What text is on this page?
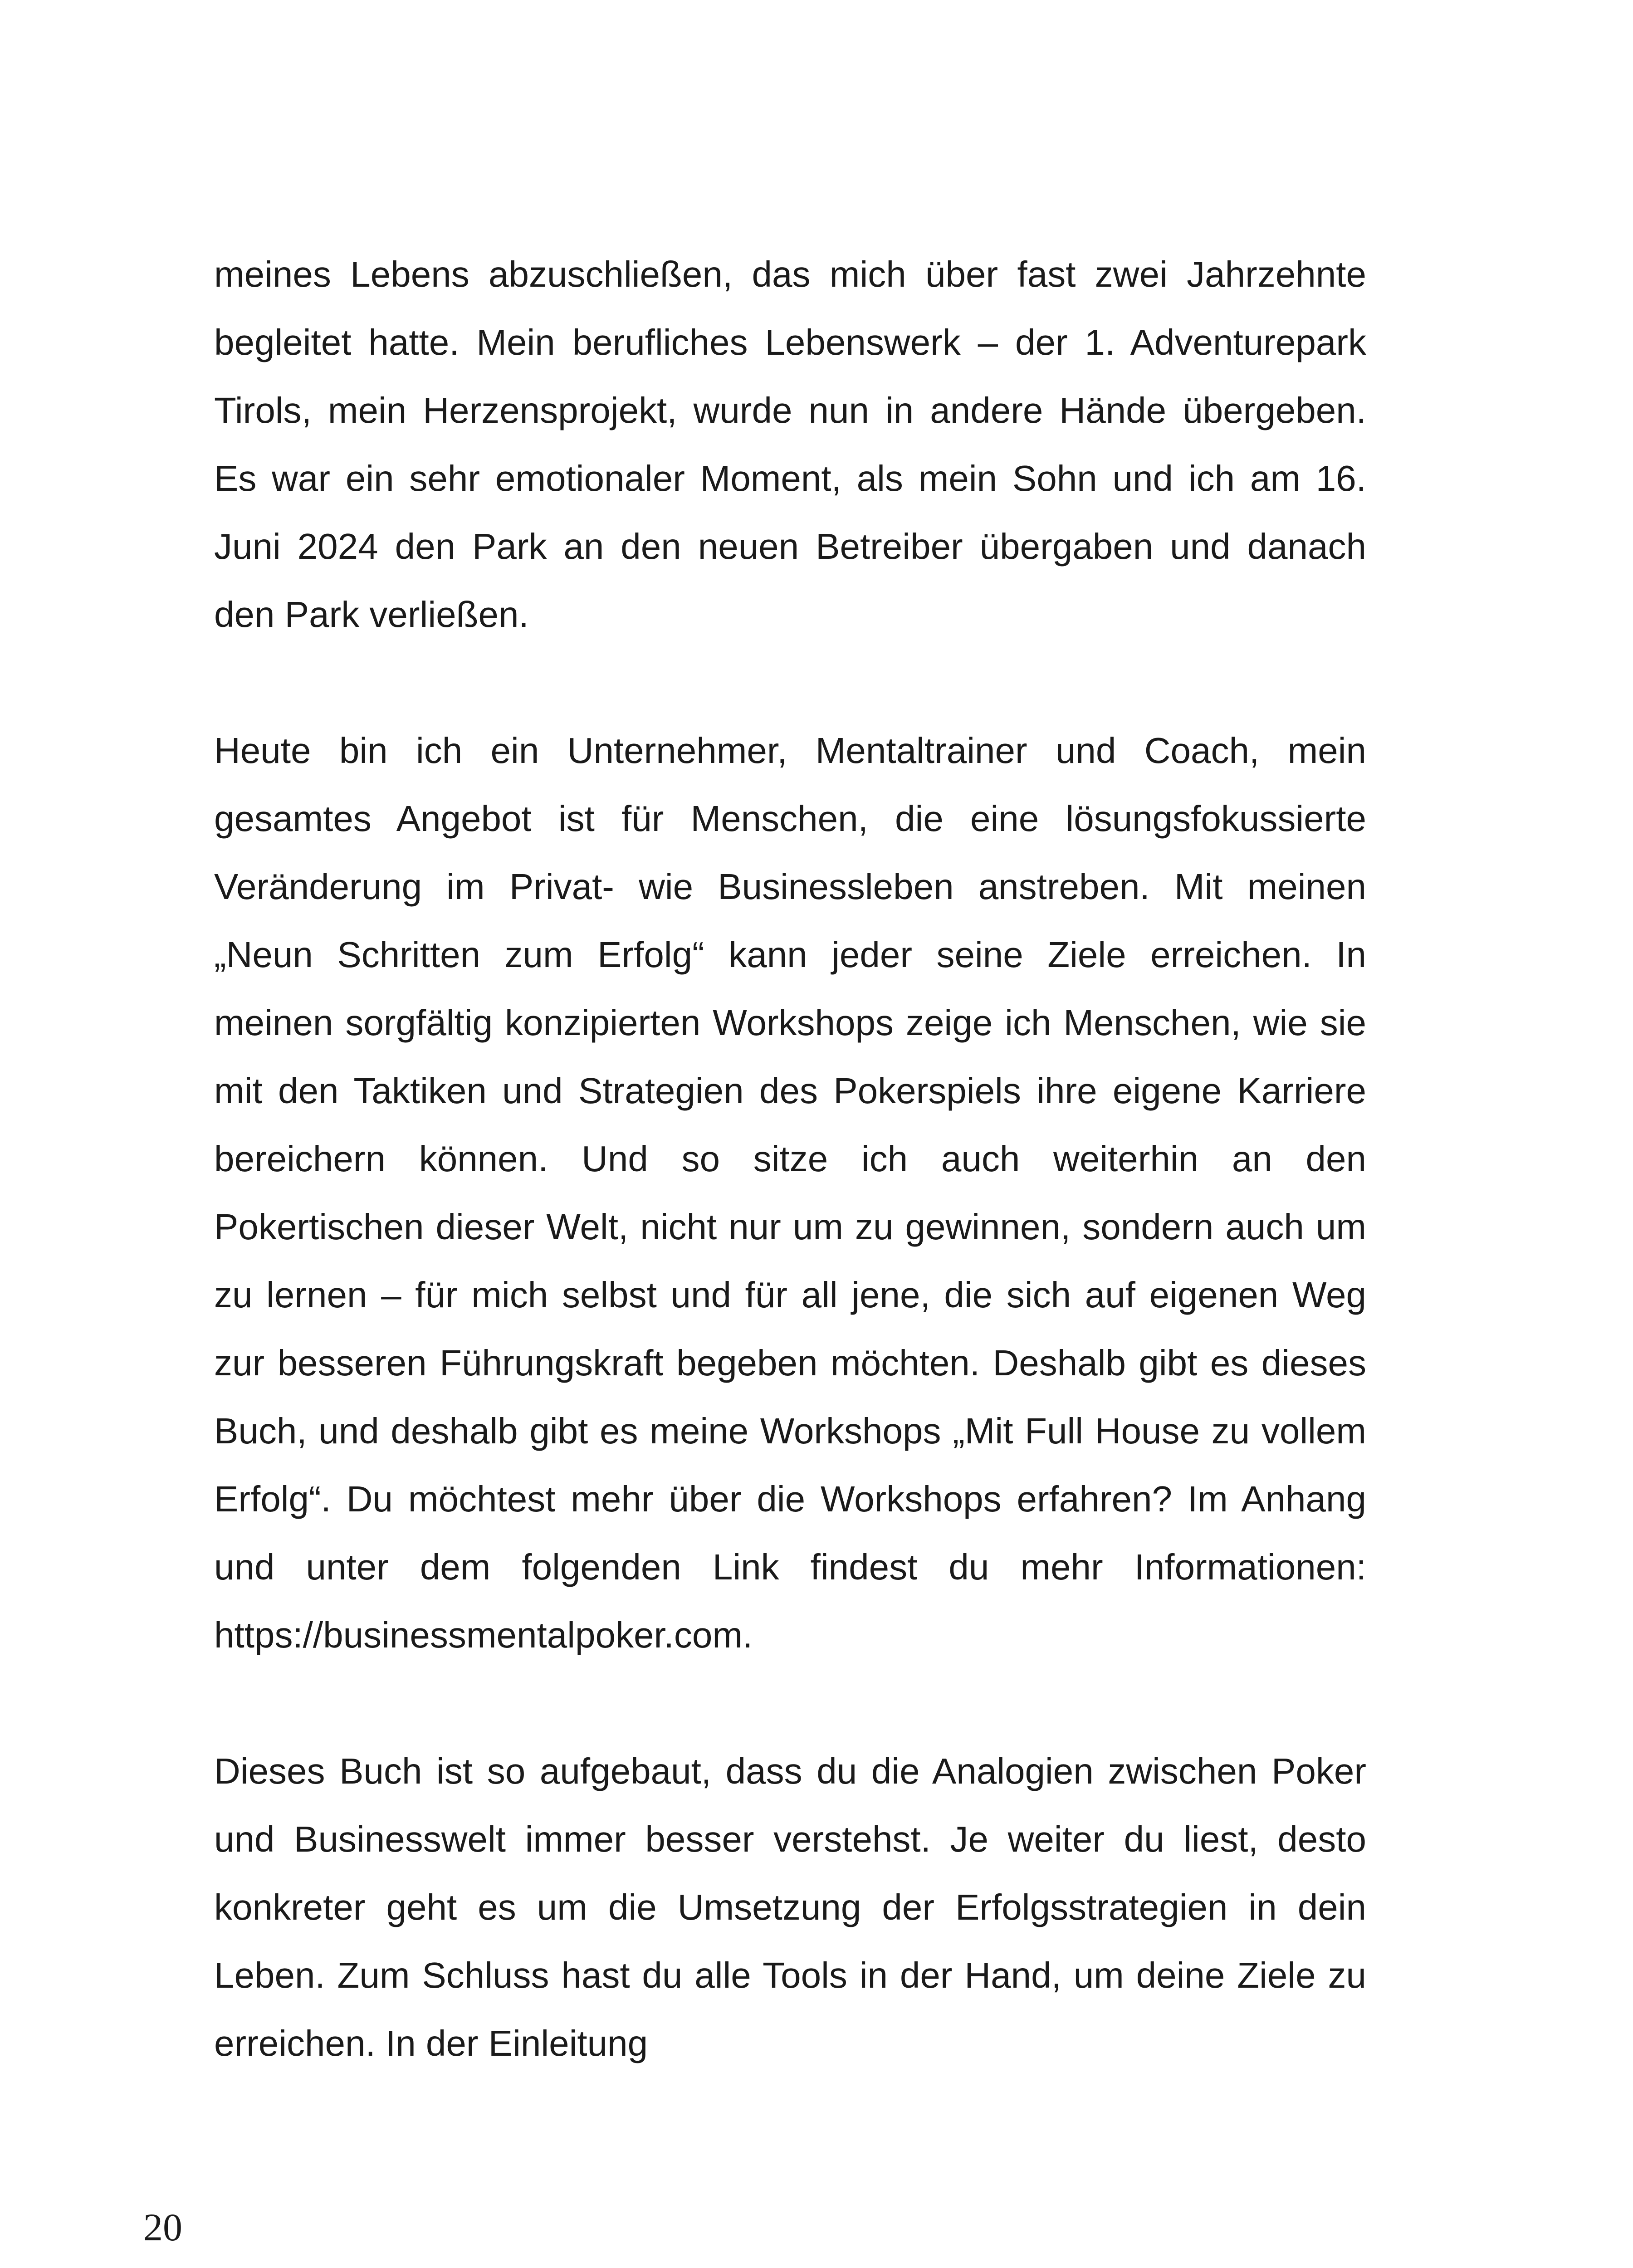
meines Lebens abzuschließen, das mich über fast zwei Jahrzehnte begleitet hatte. Mein berufliches Lebenswerk – der 1. Adventurepark Tirols, mein Herzensprojekt, wurde nun in andere Hände übergeben. Es war ein sehr emotionaler Moment, als mein Sohn und ich am 16. Juni 2024 den Park an den neuen Betreiber übergaben und danach den Park verließen.

Heute bin ich ein Unternehmer, Mentaltrainer und Coach, mein gesamtes Angebot ist für Menschen, die eine lösungsfokussierte Veränderung im Privat- wie Businessleben anstreben. Mit meinen „Neun Schritten zum Erfolg“ kann jeder seine Ziele erreichen. In meinen sorgfältig konzipierten Workshops zeige ich Menschen, wie sie mit den Taktiken und Strategien des Pokerspiels ihre eigene Karriere bereichern können. Und so sitze ich auch weiterhin an den Pokertischen dieser Welt, nicht nur um zu gewinnen, sondern auch um zu lernen – für mich selbst und für all jene, die sich auf eigenen Weg zur besseren Führungskraft begeben möchten. Deshalb gibt es dieses Buch, und deshalb gibt es meine Workshops „Mit Full House zu vollem Erfolg“. Du möchtest mehr über die Workshops erfahren? Im Anhang und unter dem folgenden Link findest du mehr Informationen: https://businessmentalpoker.com.

Dieses Buch ist so aufgebaut, dass du die Analogien zwischen Poker und Businesswelt immer besser verstehst. Je weiter du liest, desto konkreter geht es um die Umsetzung der Erfolgsstrategien in dein Leben. Zum Schluss hast du alle Tools in der Hand, um deine Ziele zu erreichen. In der Einleitung

20
